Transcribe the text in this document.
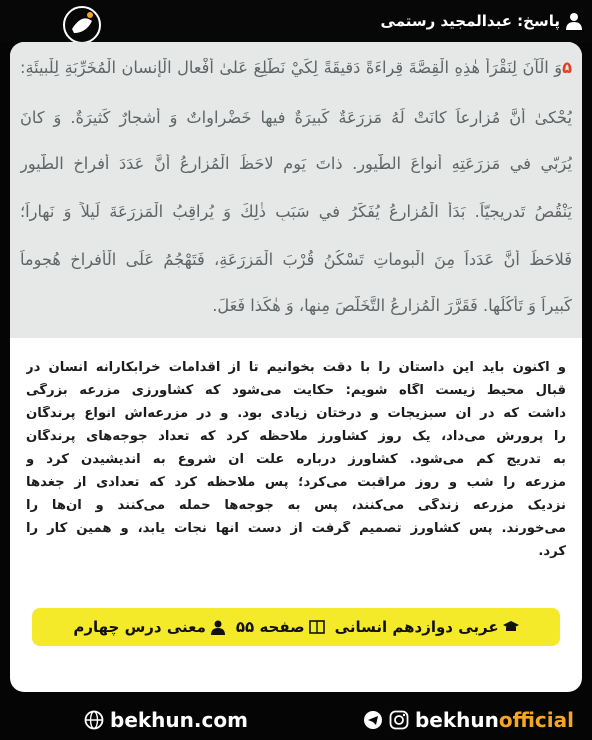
پاسخ: عبدالمجید رستمی
۵وَ الْآنَ لِنَقْرَأْ هٰذِهِ الْقِصَّةَ قِراءَةً دَقيقَةً لِكَيْ نَطَّلِعَ عَلىٰ أَفْعالِ الْإِنسانِ الْمُخَرِّبَةِ لِلْبيئَةِ:
يُحْكىٰ أَنَّ مُزارِعاً كانَتْ لَهُ مَزرَعَةٌ كَبيرَةٌ فيها خَضْراواتٌ وَ أَشجارٌ كَثيرَةٌ. وَ كانَ
يُرَبّي في مَزرَعَتِهِ أَنواعَ الطُّيورِ. ذاتَ يَومٍ لاحَظَ الْمُزارِعُ أَنَّ عَدَدَ أَفراخِ الطُّيورِ
يَنْقُصُ تَدريجيّاً. بَدَأَ الْمُزارِعُ يُفَكِّرُ في سَبَبِ ذٰلِكَ وَ يُراقِبُ الْمَزرَعَةَ لَيلاً وَ نَهاراً؛
فَلاحَظَ أَنَّ عَدَداً مِنَ الْبوماتِ تَسْكُنُ قُرْبَ الْمَزرَعَةِ، فَتَهْجُمُ عَلَى الْأَفراخِ هُجوماً
كَبيراً وَ تَأكُلُها. فَقَرَّرَ الْمُزارِعُ التَّخَلُّصَ مِنها، وَ هٰكَذا فَعَلَ.
و اکنون باید این داستان را با دقت بخوانیم تا از اقدامات خرابکارانه انسان در
قبال محیط زیست آگاه شویم: حکایت می‌شود که کشاورزی مزرعه بزرگی
داشت که در آن سبزیجات و درختان زیادی بود. و در مزرعه‌اش انواع پرندگان
را پرورش می‌داد، یک روز کشاورز ملاحظه کرد که تعداد جوجه‌های پرندگان
به تدریج کم می‌شود. کشاورز درباره علت آن شروع به اندیشیدن کرد و
مزرعه را شب و روز مراقبت می‌کرد؛ پس ملاحظه کرد که تعدادی از جغدها
نزدیک مزرعه زندگی می‌کنند، پس به جوجه‌ها حمله می‌کنند و آن‌ها را
می‌خورند. پس کشاورز تصمیم گرفت از دست آنها نجات یابد، و همین کار را
کرد.
عربی دوازدهم انسانی
صفحه ۵۵
معنی درس چهارم
bekhun.com	bekhunofficial
